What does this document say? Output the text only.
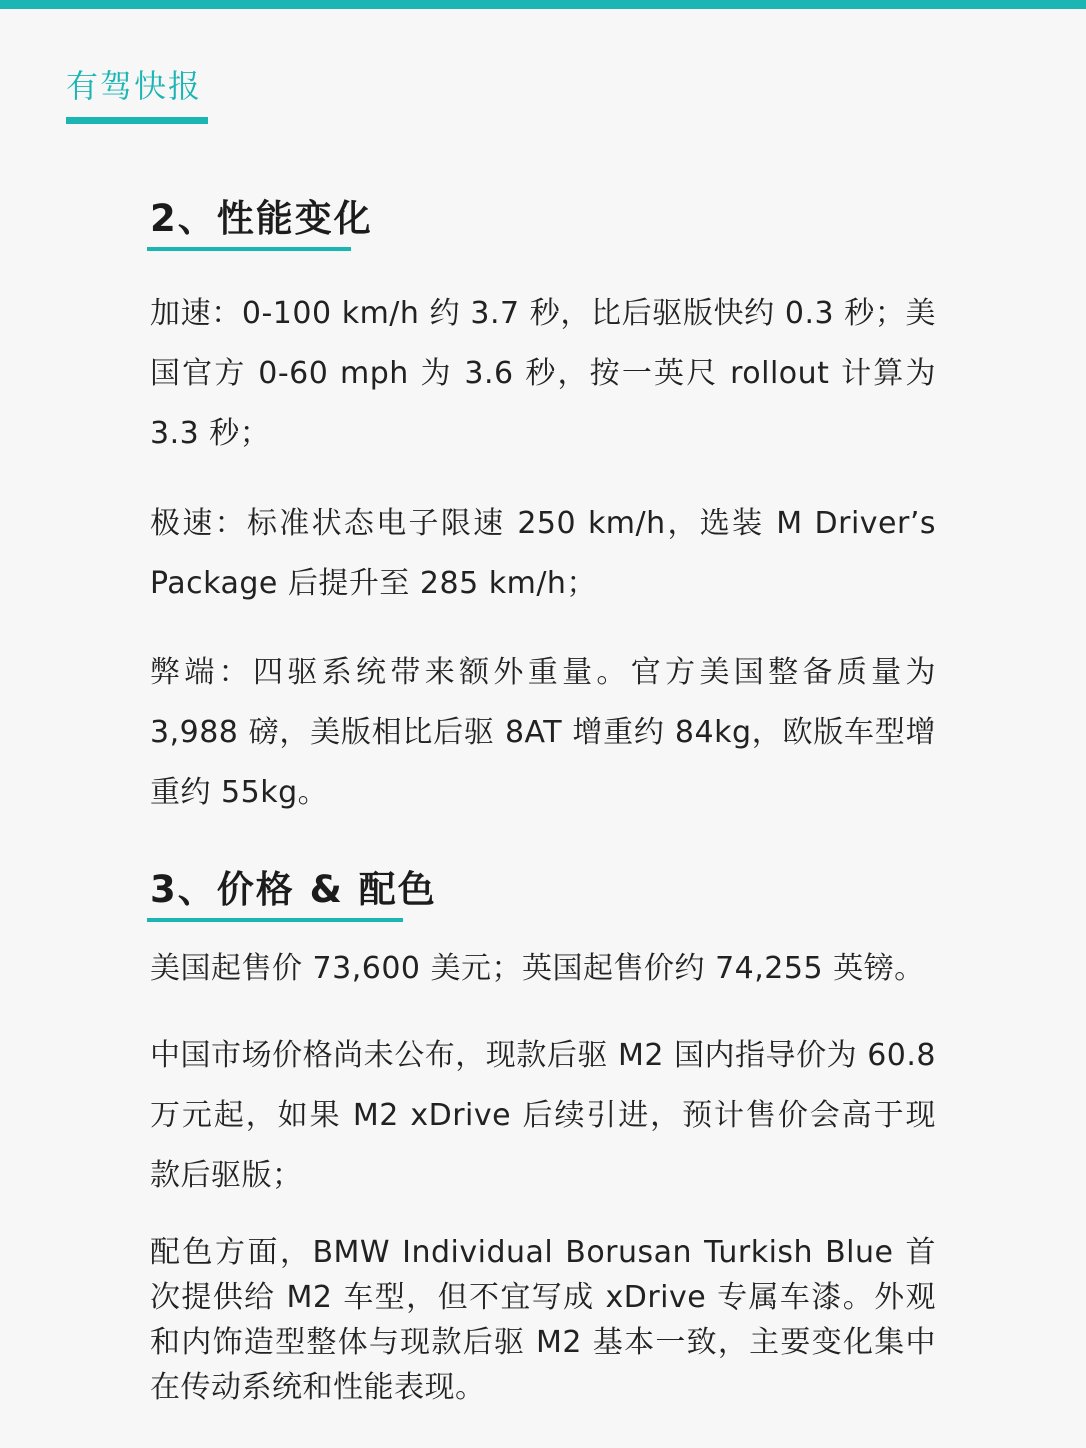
有驾快报
2、性能变化
加速：0-100 km/h 约 3.7 秒，比后驱版快约 0.3 秒；美国官方 0-60 mph 为 3.6 秒，按一英尺 rollout 计算为 3.3 秒；
极速：标准状态电子限速 250 km/h，选装 M Driver’s Package 后提升至 285 km/h；
弊端：四驱系统带来额外重量。官方美国整备质量为 3,988 磅，美版相比后驱 8AT 增重约 84kg，欧版车型增重约 55kg。
3、价格 & 配色
美国起售价 73,600 美元；英国起售价约 74,255 英镑。
中国市场价格尚未公布，现款后驱 M2 国内指导价为 60.8 万元起，如果 M2 xDrive 后续引进，预计售价会高于现款后驱版；
配色方面，BMW Individual Borusan Turkish Blue 首次提供给 M2 车型，但不宜写成 xDrive 专属车漆。外观和内饰造型整体与现款后驱 M2 基本一致，主要变化集中在传动系统和性能表现。
